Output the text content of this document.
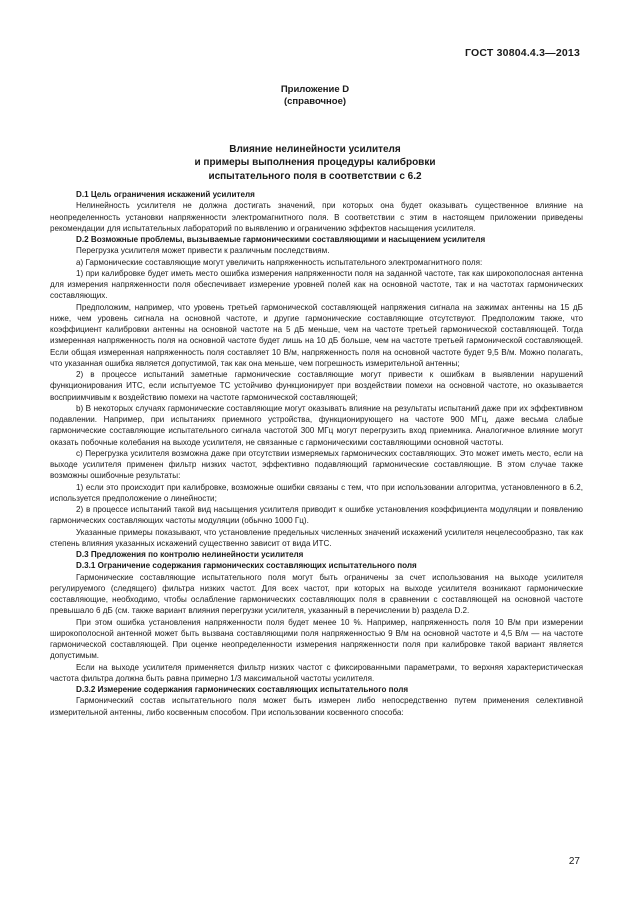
ГОСТ 30804.4.3—2013
Приложение D
(справочное)
Влияние нелинейности усилителя
и примеры выполнения процедуры калибровки
испытательного поля в соответствии с 6.2

D.1 Цель ограничения искажений усилителя

Нелинейность усилителя не должна достигать значений, при которых она будет оказывать существенное влияние на неопределенность установки напряженности электромагнитного поля. В соответствии с этим в настоящем приложении приведены рекомендации для испытательных лабораторий по выявлению и ограничению эффектов насыщения усилителя.

D.2 Возможные проблемы, вызываемые гармоническими составляющими и насыщением усилителя

Перегрузка усилителя может привести к различным последствиям.

а) Гармонические составляющие могут увеличить напряженность испытательного электромагнитного поля:

1) при калибровке будет иметь место ошибка измерения напряженности поля на заданной частоте, так как широкополосная антенна для измерения напряженности поля обеспечивает измерение уровней полей как на основной частоте, так и на частотах гармонических составляющих.

Предположим, например, что уровень третьей гармонической составляющей напряжения сигнала на зажимах антенны на 15 дБ ниже, чем уровень сигнала на основной частоте, и другие гармонические составляющие отсутствуют. Предположим также, что коэффициент калибровки антенны на основной частоте на 5 дБ меньше, чем на частоте третьей гармонической составляющей. Тогда измеренная напряженность поля на основной частоте будет лишь на 10 дБ больше, чем на частоте третьей гармонической составляющей. Если общая измеренная напряженность поля составляет 10 В/м, напряженность поля на основной частоте будет 9,5 В/м. Можно полагать, что указанная ошибка является допустимой, так как она меньше, чем погрешность измерительной антенны;

2) в процессе испытаний заметные гармонические составляющие могут привести к ошибкам в выявлении нарушений функционирования ИТС, если испытуемое ТС устойчиво функционирует при воздействии помехи на основной частоте, но оказывается восприимчивым к воздействию помехи на частоте гармонической составляющей;

b) В некоторых случаях гармонические составляющие могут оказывать влияние на результаты испытаний даже при их эффективном подавлении. Например, при испытаниях приемного устройства, функционирующего на частоте 900 МГц, даже весьма слабые гармонические составляющие испытательного сигнала частотой 300 МГц могут перегрузить вход приемника. Аналогичное влияние могут оказать побочные колебания на выходе усилителя, не связанные с гармоническими составляющими основной частоты.

c) Перегрузка усилителя возможна даже при отсутствии измеряемых гармонических составляющих. Это может иметь место, если на выходе усилителя применен фильтр низких частот, эффективно подавляющий гармонические составляющие. В этом случае также возможны ошибочные результаты:

1) если это происходит при калибровке, возможные ошибки связаны с тем, что при использовании алгоритма, установленного в 6.2, используется предположение о линейности;

2) в процессе испытаний такой вид насыщения усилителя приводит к ошибке установления коэффициента модуляции и появлению гармонических составляющих частоты модуляции (обычно 1000 Гц).

Указанные примеры показывают, что установление предельных численных значений искажений усилителя нецелесообразно, так как степень влияния указанных искажений существенно зависит от вида ИТС.

D.3 Предложения по контролю нелинейности усилителя

D.3.1 Ограничение содержания гармонических составляющих испытательного поля

Гармонические составляющие испытательного поля могут быть ограничены за счет использования на выходе усилителя регулируемого (следящего) фильтра низких частот. Для всех частот, при которых на выходе усилителя возникают гармонические составляющие, необходимо, чтобы ослабление гармонических составляющих поля в сравнении с составляющей на основной частоте превышало 6 дБ (см. также вариант влияния перегрузки усилителя, указанный в перечислении b) раздела D.2.

При этом ошибка установления напряженности поля будет менее 10 %. Например, напряженность поля 10 В/м при измерении широкополосной антенной может быть вызвана составляющими поля напряженностью 9 В/м на основной частоте и 4,5 В/м — на частоте гармонической составляющей. При оценке неопределенности измерения напряженности поля при калибровке такой вариант является допустимым.

Если на выходе усилителя применяется фильтр низких частот с фиксированными параметрами, то верхняя характеристическая частота фильтра должна быть равна примерно 1/3 максимальной частоты усилителя.

D.3.2 Измерение содержания гармонических составляющих испытательного поля

Гармонический состав испытательного поля может быть измерен либо непосредственно путем применения селективной измерительной антенны, либо косвенным способом. При использовании косвенного способа:

27
